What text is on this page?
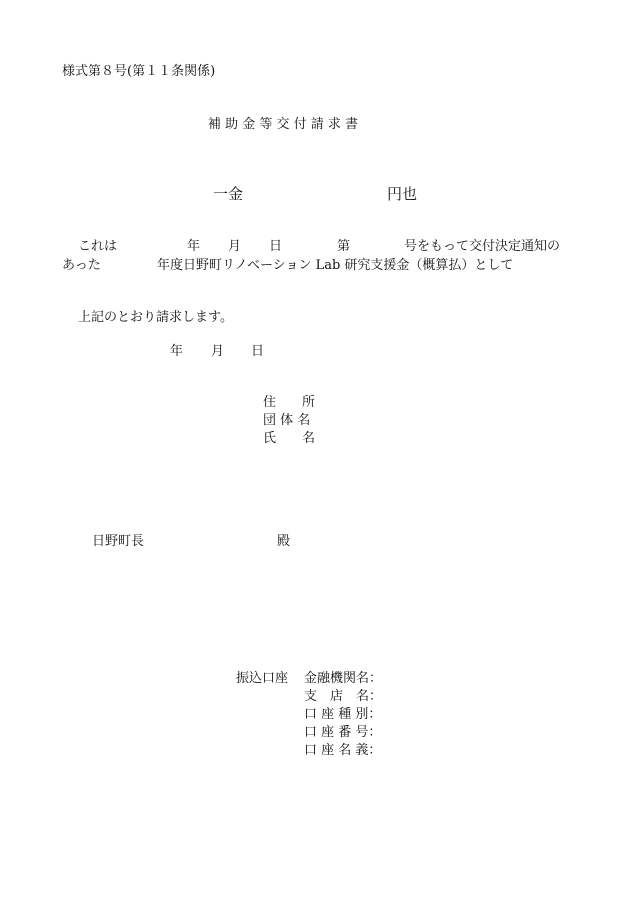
様式第８号(第１１条関係)
補 助 金 等 交 付 請 求 書
一金	円也
これは	年 月 日	第	号をもって交付決定通知の
あった	年度日野町リノベーション Lab 研究支援金（概算払）として
上記のとおり請求します。
年 月 日
住　　所
団 体 名
氏　　名
日野町長	殿
振込口座 金融機関名：
支　店　名：
口 座 種 別：
口 座 番 号：
口 座 名 義：
